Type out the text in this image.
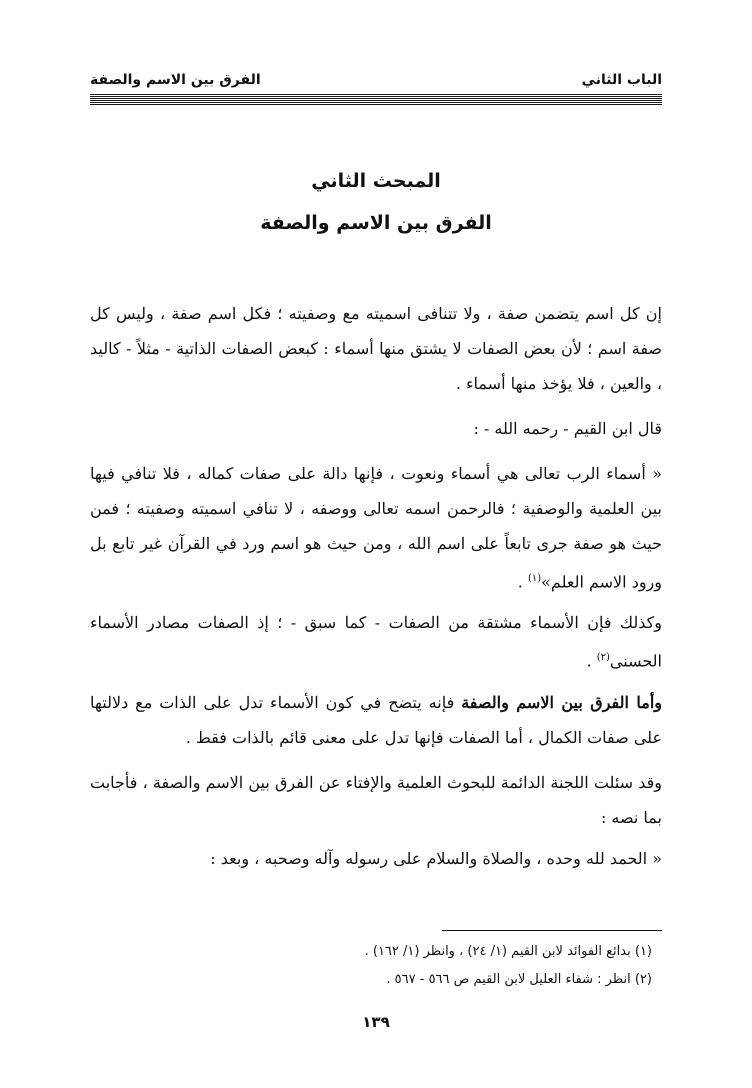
الباب الثاني
الفرق بين الاسم والصفة
المبحث الثاني
الفرق بين الاسم والصفة

إن كل اسم يتضمن صفة ، ولا تتنافى اسميته مع وصفيته ؛ فكل اسم صفة ، وليس كل صفة اسم ؛ لأن بعض الصفات لا يشتق منها أسماء : كبعض الصفات الذاتية - مثلاً - كاليد ، والعين ، فلا يؤخذ منها أسماء .

قال ابن القيم - رحمه الله - :

« أسماء الرب تعالى هي أسماء ونعوت ، فإنها دالة على صفات كماله ، فلا تنافي فيها بين العلمية والوصفية ؛ فالرحمن اسمه تعالى ووصفه ، لا تنافي اسميته وصفيته ؛ فمن حيث هو صفة جرى تابعاً على اسم الله ، ومن حيث هو اسم ورد في القرآن غير تابع بل ورود الاسم العلم»$^{(١)}$ .

وكذلك فإن الأسماء مشتقة من الصفات - كما سبق - ؛ إذ الصفات مصادر الأسماء الحسنى$^{(٢)}$ .

وأما الفرق بين الاسم والصفة فإنه يتضح في كون الأسماء تدل على الذات مع دلالتها على صفات الكمال ، أما الصفات فإنها تدل على معنى قائم بالذات فقط .

وقد سئلت اللجنة الدائمة للبحوث العلمية والإفتاء عن الفرق بين الاسم والصفة ، فأجابت بما نصه :

« الحمد لله وحده ، والصلاة والسلام على رسوله وآله وصحبه ، وبعد :

(١) بدائع الفوائد لابن القيم (١/ ٢٤) ، وانظر (١/ ١٦٢) .
(٢) انظر : شفاء العليل لابن القيم ص ٥٦٦ - ٥٦٧ .
١٣٩
